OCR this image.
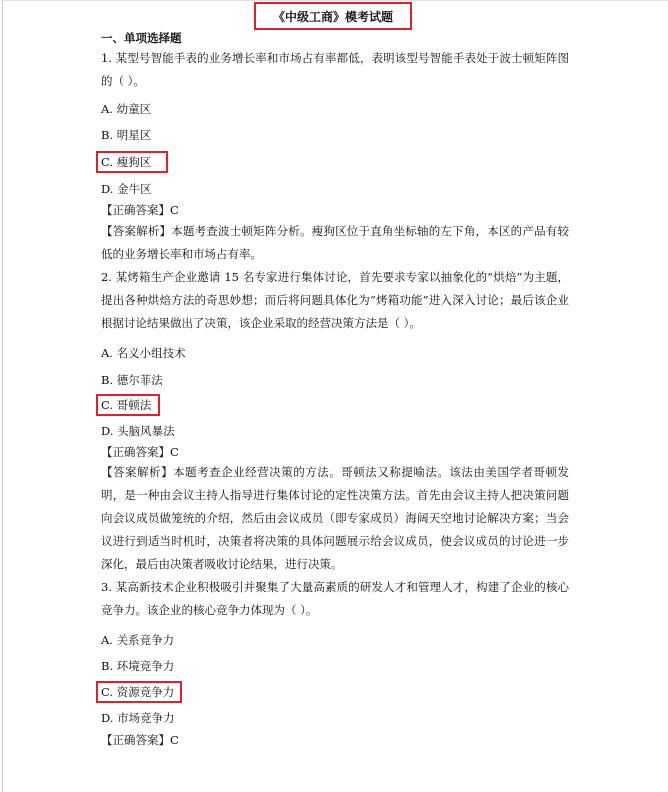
《中级工商》模考试题
一、单项选择题
1. 某型号智能手表的业务增长率和市场占有率都低，表明该型号智能手表处于波士顿矩阵图的（ ）。
A. 幼童区
B. 明星区
C. 瘦狗区
D. 金牛区
【正确答案】C
【答案解析】本题考查波士顿矩阵分析。瘦狗区位于直角坐标轴的左下角，本区的产品有较低的业务增长率和市场占有率。
2. 某烤箱生产企业邀请 15 名专家进行集体讨论，首先要求专家以抽象化的“烘焙”为主题，提出各种烘焙方法的奇思妙想；而后将问题具体化为“烤箱功能”进入深入讨论；最后该企业根据讨论结果做出了决策，该企业采取的经营决策方法是（ ）。
A. 名义小组技术
B. 德尔菲法
C. 哥顿法
D. 头脑风暴法
【正确答案】C
【答案解析】本题考查企业经营决策的方法。哥顿法又称提喻法。该法由美国学者哥顿发明，是一种由会议主持人指导进行集体讨论的定性决策方法。首先由会议主持人把决策问题向会议成员做笼统的介绍，然后由会议成员（即专家成员）海阔天空地讨论解决方案；当会议进行到适当时机时，决策者将决策的具体问题展示给会议成员，使会议成员的讨论进一步深化，最后由决策者吸收讨论结果，进行决策。
3. 某高新技术企业积极吸引并聚集了大量高素质的研发人才和管理人才，构建了企业的核心竞争力。该企业的核心竞争力体现为（ ）。
A. 关系竞争力
B. 环境竞争力
C. 资源竞争力
D. 市场竞争力
【正确答案】C
